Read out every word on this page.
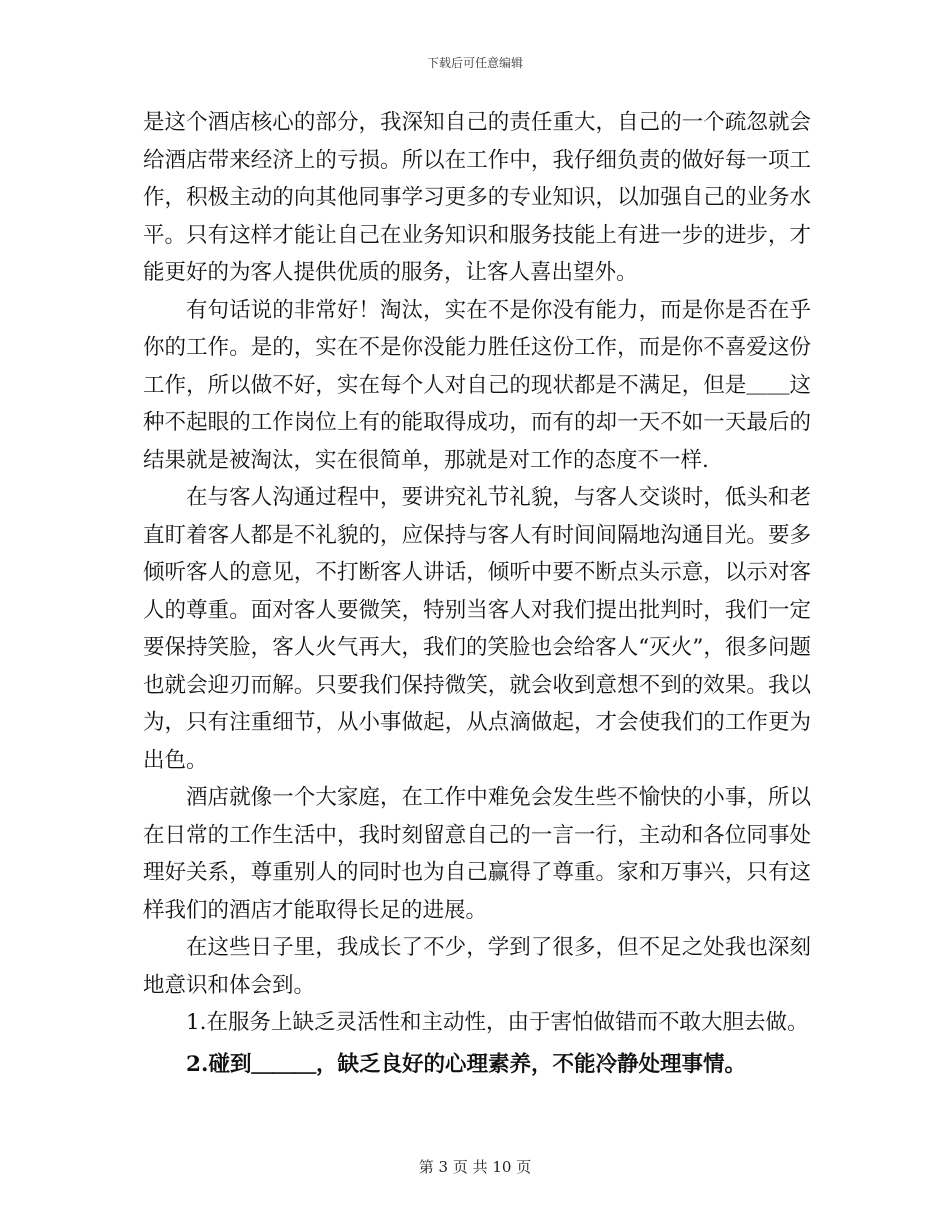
下载后可任意编辑

是这个酒店核心的部分，我深知自己的责任重大，自己的一个疏忽就会给酒店带来经济上的亏损。所以在工作中，我仔细负责的做好每一项工作，积极主动的向其他同事学习更多的专业知识，以加强自己的业务水平。只有这样才能让自己在业务知识和服务技能上有进一步的进步，才能更好的为客人提供优质的服务，让客人喜出望外。

有句话说的非常好！淘汰，实在不是你没有能力，而是你是否在乎你的工作。是的，实在不是你没能力胜任这份工作，而是你不喜爱这份工作，所以做不好，实在每个人对自己的现状都是不满足，但是＿＿这种不起眼的工作岗位上有的能取得成功，而有的却一天不如一天最后的结果就是被淘汰，实在很简单，那就是对工作的态度不一样.

在与客人沟通过程中，要讲究礼节礼貌，与客人交谈时，低头和老直盯着客人都是不礼貌的，应保持与客人有时间间隔地沟通目光。要多倾听客人的意见，不打断客人讲话，倾听中要不断点头示意，以示对客人的尊重。面对客人要微笑，特别当客人对我们提出批判时，我们一定要保持笑脸，客人火气再大，我们的笑脸也会给客人“灭火”，很多问题也就会迎刃而解。只要我们保持微笑，就会收到意想不到的效果。我以为，只有注重细节，从小事做起，从点滴做起，才会使我们的工作更为出色。

酒店就像一个大家庭，在工作中难免会发生些不愉快的小事，所以在日常的工作生活中，我时刻留意自己的一言一行，主动和各位同事处理好关系，尊重别人的同时也为自己赢得了尊重。家和万事兴，只有这样我们的酒店才能取得长足的进展。

在这些日子里，我成长了不少，学到了很多，但不足之处我也深刻地意识和体会到。

1.在服务上缺乏灵活性和主动性，由于害怕做错而不敢大胆去做。

2.碰到＿＿＿，缺乏良好的心理素养，不能冷静处理事情。

第 3 页 共 10 页
